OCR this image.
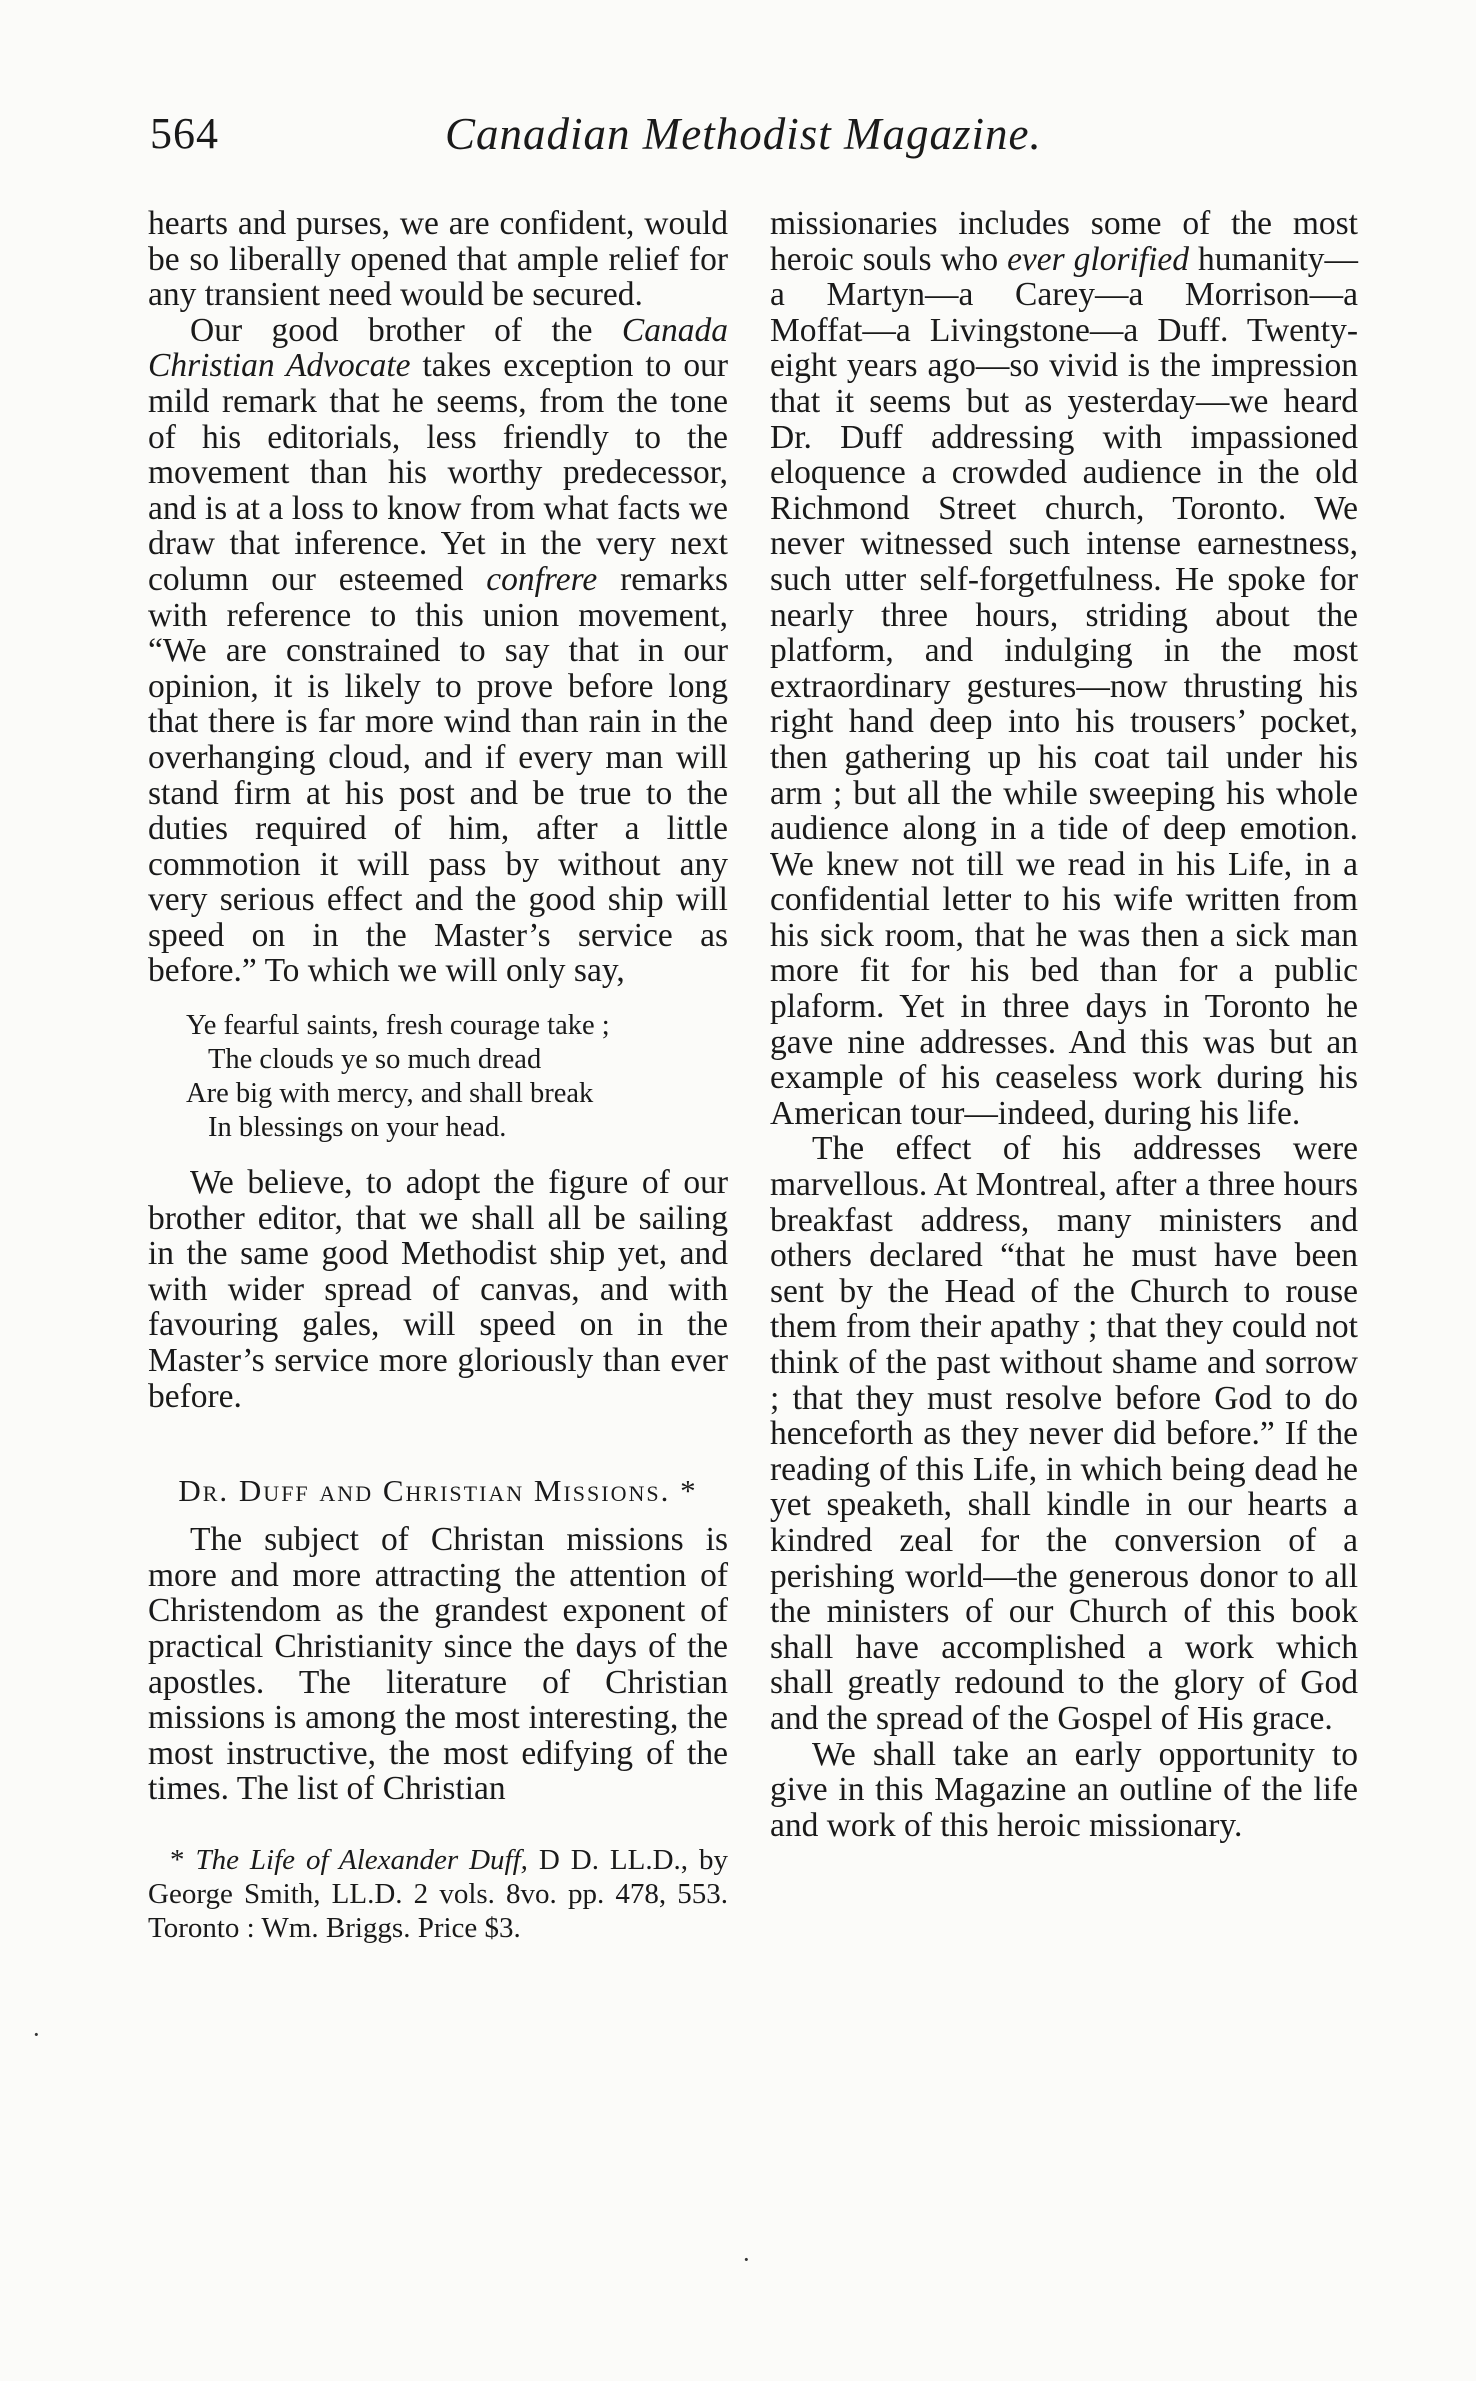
564	Canadian Methodist Magazine.

hearts and purses, we are confident, would be so liberally opened that ample relief for any transient need would be secured.

Our good brother of the Canada Christian Advocate takes exception to our mild remark that he seems, from the tone of his editorials, less friendly to the movement than his worthy predecessor, and is at a loss to know from what facts we draw that inference. Yet in the very next column our esteemed confrere remarks with reference to this union movement, “We are constrained to say that in our opinion, it is likely to prove before long that there is far more wind than rain in the overhanging cloud, and if every man will stand firm at his post and be true to the duties required of him, after a little commotion it will pass by without any very serious effect and the good ship will speed on in the Master’s service as before.” To which we will only say,

Ye fearful saints, fresh courage take ;
The clouds ye so much dread
Are big with mercy, and shall break
In blessings on your head.

We believe, to adopt the figure of our brother editor, that we shall all be sailing in the same good Methodist ship yet, and with wider spread of canvas, and with favouring gales, will speed on in the Master’s service more gloriously than ever before.

Dr. Duff and Christian Missions. *

The subject of Christan missions is more and more attracting the attention of Christendom as the grandest exponent of practical Christianity since the days of the apostles. The literature of Christian missions is among the most interesting, the most instructive, the most edifying of the times. The list of Christian

* The Life of Alexander Duff, D D. LL.D., by George Smith, LL.D. 2 vols. 8vo. pp. 478, 553. Toronto : Wm. Briggs. Price $3.

missionaries includes some of the most heroic souls who ever glorified humanity—a Martyn—a Carey—a Morrison—a Moffat—a Livingstone—a Duff. Twenty-eight years ago—so vivid is the impression that it seems but as yesterday—we heard Dr. Duff addressing with impassioned eloquence a crowded audience in the old Richmond Street church, Toronto. We never witnessed such intense earnestness, such utter self-forgetfulness. He spoke for nearly three hours, striding about the platform, and indulging in the most extraordinary gestures—now thrusting his right hand deep into his trousers’ pocket, then gathering up his coat tail under his arm ; but all the while sweeping his whole audience along in a tide of deep emotion. We knew not till we read in his Life, in a confidential letter to his wife written from his sick room, that he was then a sick man more fit for his bed than for a public plaform. Yet in three days in Toronto he gave nine addresses. And this was but an example of his ceaseless work during his American tour—indeed, during his life.

The effect of his addresses were marvellous. At Montreal, after a three hours breakfast address, many ministers and others declared “that he must have been sent by the Head of the Church to rouse them from their apathy ; that they could not think of the past without shame and sorrow ; that they must resolve before God to do henceforth as they never did before.” If the reading of this Life, in which being dead he yet speaketh, shall kindle in our hearts a kindred zeal for the conversion of a perishing world—the generous donor to all the ministers of our Church of this book shall have accomplished a work which shall greatly redound to the glory of God and the spread of the Gospel of His grace.

We shall take an early opportunity to give in this Magazine an outline of the life and work of this heroic missionary.

·
·
